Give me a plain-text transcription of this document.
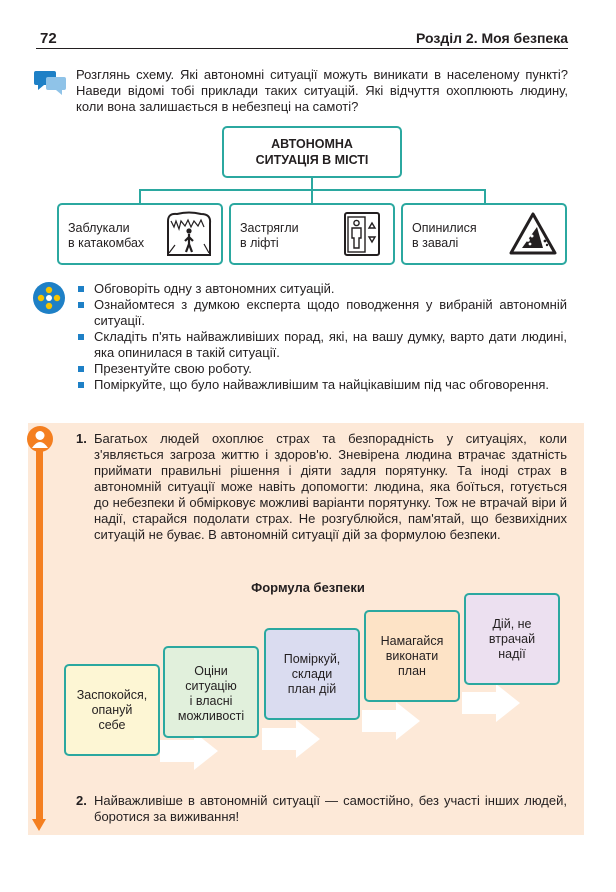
72	Розділ 2. Моя безпека
Розглянь схему. Які автономні ситуації можуть виникати в населеному пункті? Наведи відомі тобі приклади таких ситуацій. Які відчуття охоплюють людину, коли вона залишається в небезпеці на самоті?
АВТОНОМНА
СИТУАЦІЯ В МІСТІ
Заблукали
в катакомбах
Застрягли
в ліфті
Опинилися
в завалі
Обговоріть одну з автономних ситуацій.
Ознайомтеся з думкою експерта щодо поводження у вибраній автономній ситуації.
Складіть п'ять найважливіших порад, які, на вашу думку, варто дати людині, яка опинилася в такій ситуації.
Презентуйте свою роботу.
Поміркуйте, що було найважливішим та найцікавішим під час обговорення.
1. Багатьох людей охоплює страх та безпорадність у ситуаціях, коли з'являється загроза життю і здоров'ю. Зневірена людина втрачає здатність приймати правильні рішення і діяти задля порятунку. Та іноді страх в автономній ситуації може навіть допомогти: людина, яка боїться, готується до небезпеки й обмірковує можливі варіанти порятунку. Тож не втрачай віри й надії, старайся подолати страх. Не розгублюйся, пам'ятай, що безвихідних ситуацій не буває. В автономній ситуації дій за формулою безпеки.
Формула безпеки
Заспокойся,
опануй
себе
Оціни
ситуацію
і власні
можливості
Поміркуй,
склади
план дій
Намагайся
виконати
план
Дій, не
втрачай
надії
2. Найважливіше в автономній ситуації — самостійно, без участі інших людей, боротися за виживання!
